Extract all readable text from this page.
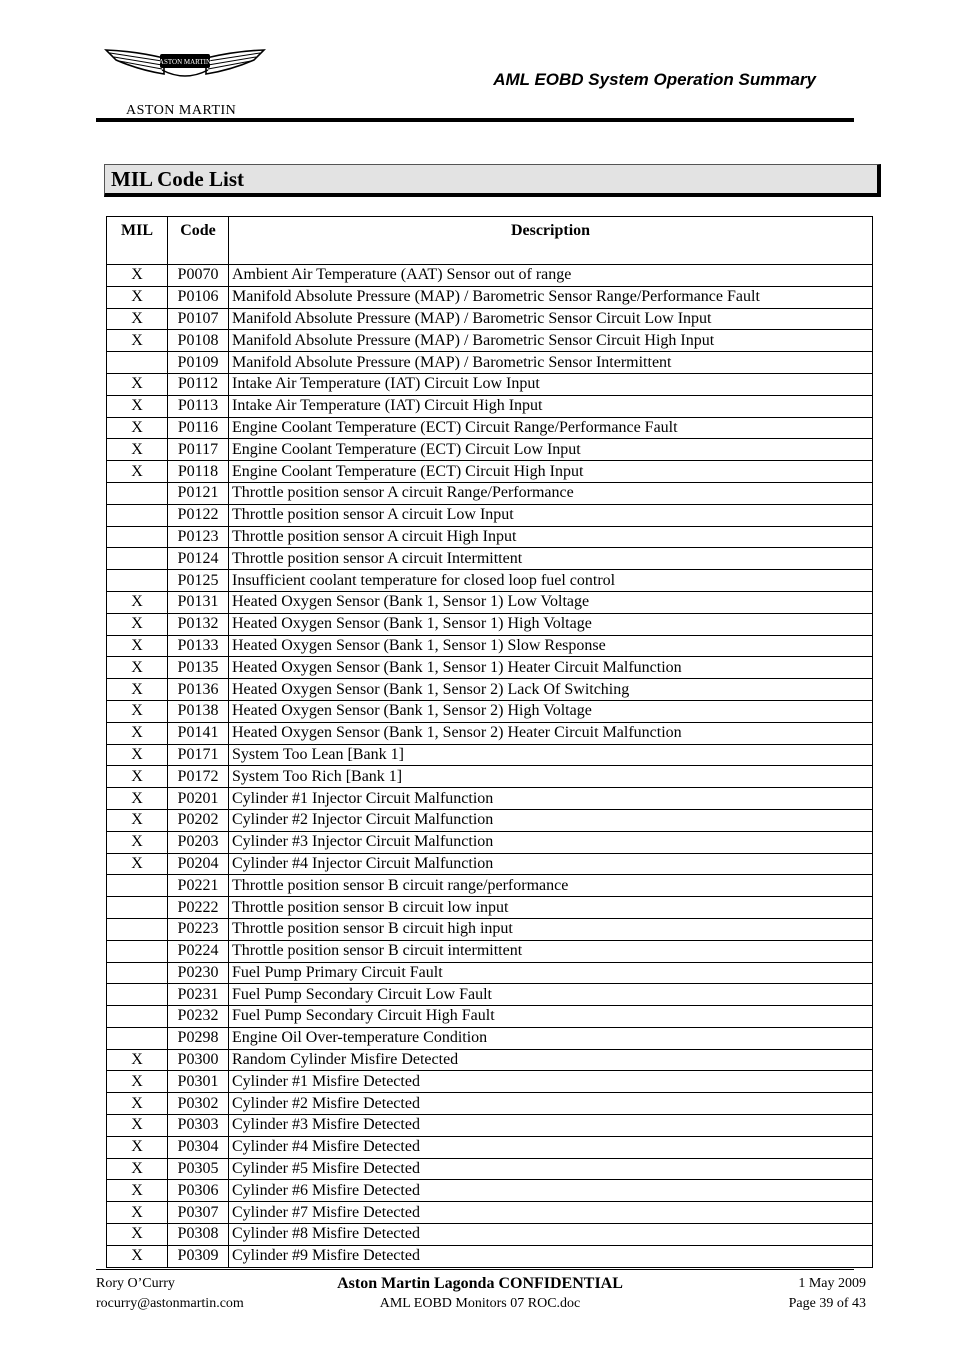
ASTON MARTIN
ASTON MARTIN
AML EOBD System Operation Summary
MIL Code List
MIL	Code	Description
X	P0070	Ambient Air Temperature (AAT) Sensor out of range
X	P0106	Manifold Absolute Pressure (MAP) / Barometric Sensor Range/Performance Fault
X	P0107	Manifold Absolute Pressure (MAP) / Barometric Sensor Circuit Low Input
X	P0108	Manifold Absolute Pressure (MAP) / Barometric Sensor Circuit High Input
	P0109	Manifold Absolute Pressure (MAP) / Barometric Sensor Intermittent
X	P0112	Intake Air Temperature (IAT) Circuit Low Input
X	P0113	Intake Air Temperature (IAT) Circuit High Input
X	P0116	Engine Coolant Temperature (ECT) Circuit Range/Performance Fault
X	P0117	Engine Coolant Temperature (ECT) Circuit Low Input
X	P0118	Engine Coolant Temperature (ECT) Circuit High Input
	P0121	Throttle position sensor A circuit Range/Performance
	P0122	Throttle position sensor A circuit Low Input
	P0123	Throttle position sensor A circuit High Input
	P0124	Throttle position sensor A circuit Intermittent
	P0125	Insufficient coolant temperature for closed loop fuel control
X	P0131	Heated Oxygen Sensor (Bank 1, Sensor 1) Low Voltage
X	P0132	Heated Oxygen Sensor (Bank 1, Sensor 1) High Voltage
X	P0133	Heated Oxygen Sensor (Bank 1, Sensor 1) Slow Response
X	P0135	Heated Oxygen Sensor (Bank 1, Sensor 1) Heater Circuit Malfunction
X	P0136	Heated Oxygen Sensor (Bank 1, Sensor 2) Lack Of Switching
X	P0138	Heated Oxygen Sensor (Bank 1, Sensor 2) High Voltage
X	P0141	Heated Oxygen Sensor (Bank 1, Sensor 2) Heater Circuit Malfunction
X	P0171	System Too Lean [Bank 1]
X	P0172	System Too Rich [Bank 1]
X	P0201	Cylinder #1 Injector Circuit Malfunction
X	P0202	Cylinder #2 Injector Circuit Malfunction
X	P0203	Cylinder #3 Injector Circuit Malfunction
X	P0204	Cylinder #4 Injector Circuit Malfunction
	P0221	Throttle position sensor B circuit range/performance
	P0222	Throttle position sensor B circuit low input
	P0223	Throttle position sensor B circuit high input
	P0224	Throttle position sensor B circuit intermittent
	P0230	Fuel Pump Primary Circuit Fault
	P0231	Fuel Pump Secondary Circuit Low Fault
	P0232	Fuel Pump Secondary Circuit High Fault
	P0298	Engine Oil Over-temperature Condition
X	P0300	Random Cylinder Misfire Detected
X	P0301	Cylinder #1 Misfire Detected
X	P0302	Cylinder #2 Misfire Detected
X	P0303	Cylinder #3 Misfire Detected
X	P0304	Cylinder #4 Misfire Detected
X	P0305	Cylinder #5 Misfire Detected
X	P0306	Cylinder #6 Misfire Detected
X	P0307	Cylinder #7 Misfire Detected
X	P0308	Cylinder #8 Misfire Detected
X	P0309	Cylinder #9 Misfire Detected
Rory O’Curry
rocurry@astonmartin.com
Aston Martin Lagonda CONFIDENTIAL
AML EOBD Monitors 07 ROC.doc
1 May 2009
Page 39 of 43
